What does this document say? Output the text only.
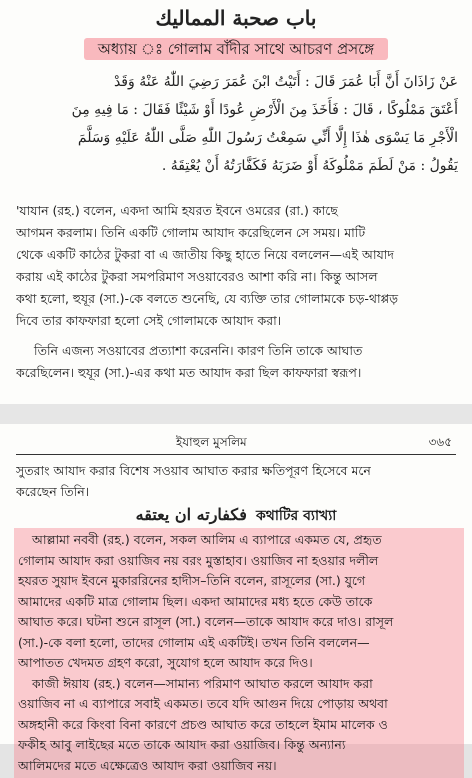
باب صحبة المماليك
অধ্যায় ঃ গোলাম বাঁদীর সাথে আচরণ প্রসঙ্গে
عَنْ زَاذَانَ أَنَّ أَبَا عُمَرَ قَالَ : أَتَيْتُ ابْنَ عُمَرَ رَضِيَ اللّٰهُ عَنْهُ وَقَدْ
أَعْتَقَ مَمْلُوكًا ، قَالَ : فَأَخَذَ مِنَ الْأَرْضِ عُودًا أَوْ شَيْئًا فَقَالَ : مَا فِيهِ مِنَ
الْأَجْرِ مَا يَسْوَى هٰذَا إِلَّا أَنِّي سَمِعْتُ رَسُولَ اللّٰهِ صَلَّى اللّٰهُ عَلَيْهِ وَسَلَّمَ
يَقُولُ : مَنْ لَطَمَ مَمْلُوكَهُ أَوْ ضَرَبَهُ فَكَفَّارَتُهُ أَنْ يُعْتِقَهُ .
'যাযান (রহ.) বলেন, একদা আমি হযরত ইবনে ওমরের (রা.) কাছে
আগমন করলাম। তিনি একটি গোলাম আযাদ করেছিলেন সে সময়। মাটি
থেকে একটি কাঠের টুকরা বা এ জাতীয় কিছু হাতে নিয়ে বললেন—এই আযাদ
করায় এই কাঠের টুকরা সমপরিমাণ সওয়াবেরও আশা করি না। কিন্তু আসল
কথা হলো, হুযূর (সা.)-কে বলতে শুনেছি, যে ব্যক্তি তার গোলামকে চড়-থাপ্পড়
দিবে তার কাফফারা হলো সেই গোলামকে আযাদ করা।
তিনি এজন্য সওয়াবের প্রত্যাশা করেননি। কারণ তিনি তাকে আঘাত
করেছিলেন। হুযূর (সা.)-এর কথা মত আযাদ করা ছিল কাফফারা স্বরূপ।
ইযাহুল মুসলিম	৩৬৫
সুতরাং আযাদ করার বিশেষ সওয়াব আঘাত করার ক্ষতিপূরণ হিসেবে মনে
করেছেন তিনি।
فكفارته ان يعتقه কথাটির ব্যাখ্যা
আল্লামা নববী (রহ.) বলেন, সকল আলিম এ ব্যাপারে একমত যে, প্রহৃত
গোলাম আযাদ করা ওয়াজিব নয় বরং মুস্তাহাব। ওয়াজিব না হওয়ার দলীল
হযরত সুয়াদ ইবনে মুকাররিনের হাদীস–তিনি বলেন, রাসূলের (সা.) যুগে
আমাদের একটি মাত্র গোলাম ছিল। একদা আমাদের মধ্য হতে কেউ তাকে
আঘাত করে। ঘটনা শুনে রাসূল (সা.) বলেন—তাকে আযাদ করে দাও। রাসূল
(সা.)-কে বলা হলো, তাদের গোলাম এই একটিই। তখন তিনি বললেন—
আপাতত খেদমত গ্রহণ করো, সুযোগ হলে আযাদ করে দিও।
কাজী ঈয়ায (রহ.) বলেন—সামান্য পরিমাণ আঘাত করলে আযাদ করা
ওয়াজিব না এ ব্যাপারে সবাই একমত। তবে যদি আগুন দিয়ে পোড়ায় অথবা
অঙ্গহানী করে কিংবা বিনা কারণে প্রচণ্ড আঘাত করে তাহলে ইমাম মালেক ও
ফকীহ আবু লাইছের মতে তাকে আযাদ করা ওয়াজিব। কিন্তু অন্যান্য
আলিমদের মতে এক্ষেত্রেও আযাদ করা ওয়াজিব নয়।
